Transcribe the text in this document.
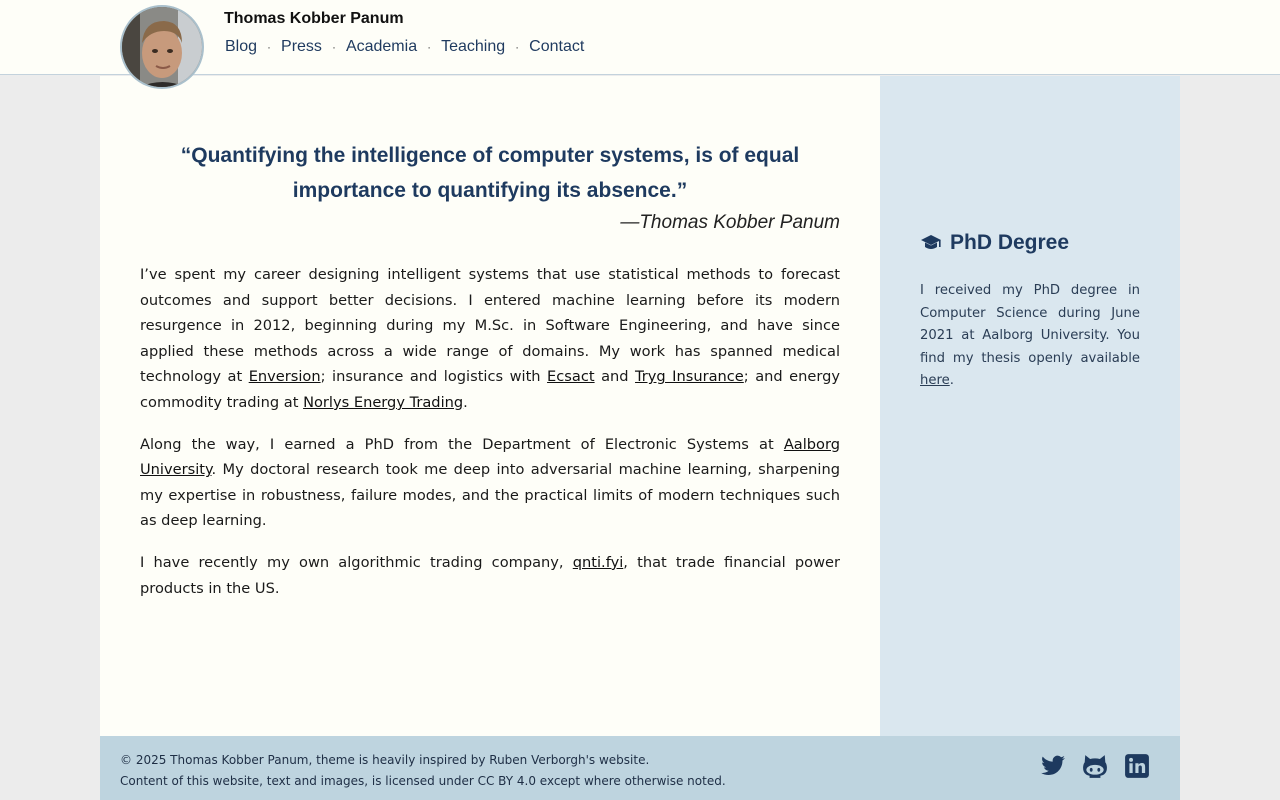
Thomas Kobber Panum
Blog · Press · Academia · Teaching · Contact
“Quantifying the intelligence of computer systems, is of equal importance to quantifying its absence.”
—Thomas Kobber Panum

I’ve spent my career designing intelligent systems that use statistical methods to forecast outcomes and support better decisions. I entered machine learning before its modern resurgence in 2012, beginning during my M.Sc. in Software Engineering, and have since applied these methods across a wide range of domains. My work has spanned medical technology at Enversion; insurance and logistics with Ecsact and Tryg Insurance; and energy commodity trading at Norlys Energy Trading.

Along the way, I earned a PhD from the Department of Electronic Systems at Aalborg University. My doctoral research took me deep into adversarial machine learning, sharpening my expertise in robustness, failure modes, and the practical limits of modern techniques such as deep learning.

I have recently my own algorithmic trading company, qnti.fyi, that trade financial power products in the US.

PhD Degree
I received my PhD degree in Computer Science during June 2021 at Aalborg University. You find my thesis openly available here.
© 2025 Thomas Kobber Panum, theme is heavily inspired by Ruben Verborgh's website.
Content of this website, text and images, is licensed under CC BY 4.0 except where otherwise noted.
